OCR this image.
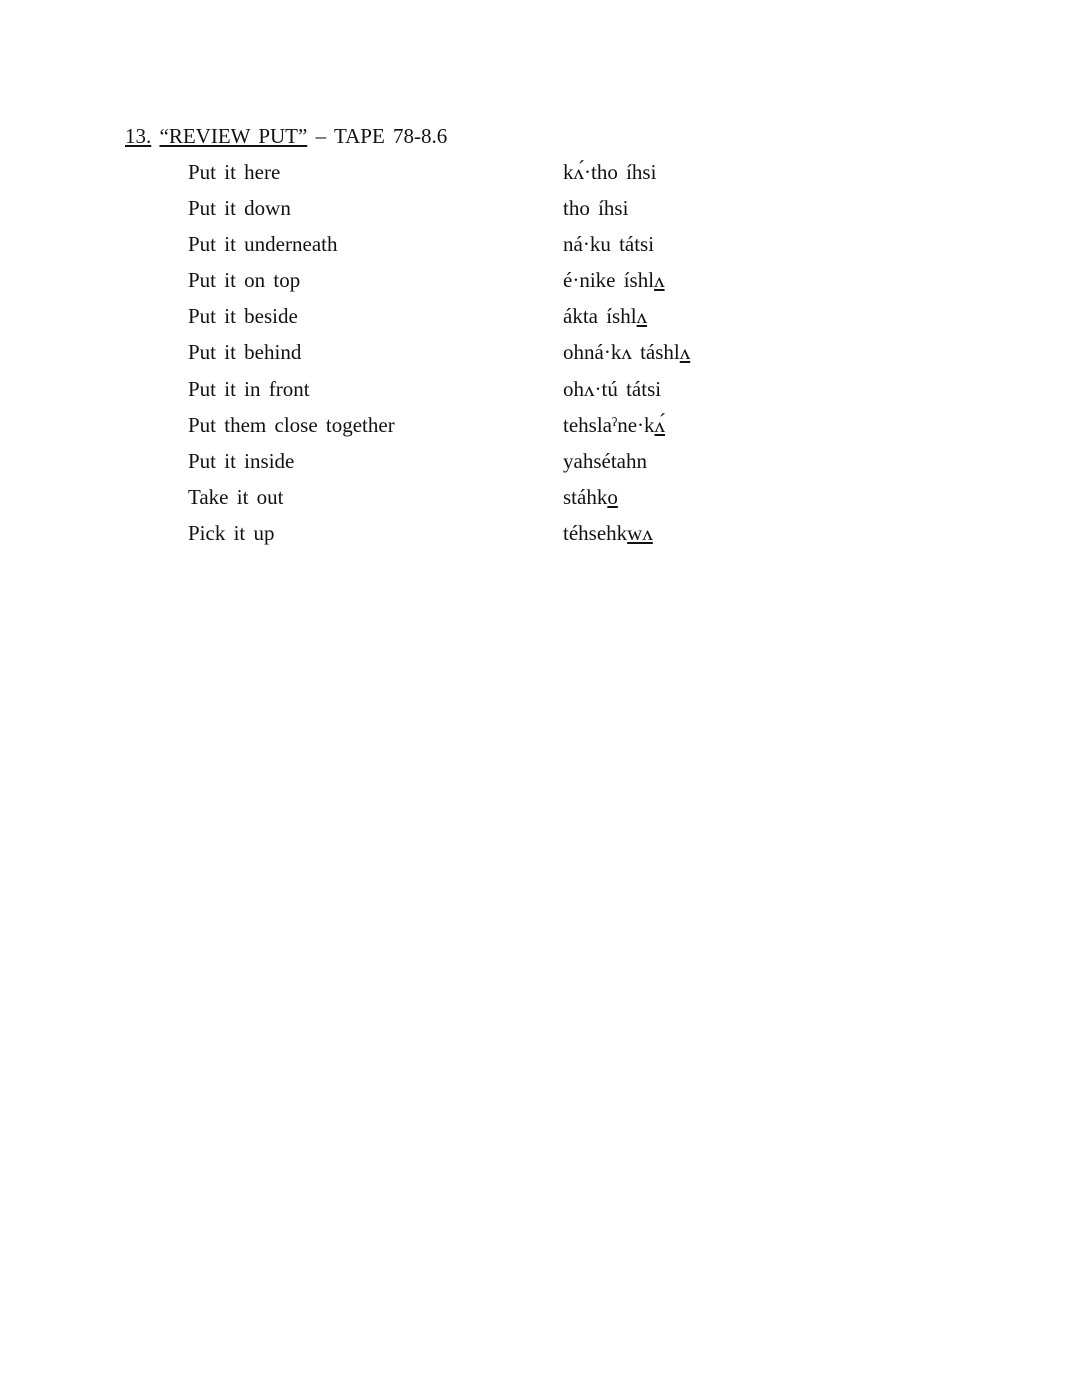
13. “REVIEW PUT” – TAPE 78-8.6
Put it here	kʌ́·tho íhsi
Put it down	tho íhsi
Put it underneath	ná·ku tátsi
Put it on top	é·nike íshlʌ
Put it beside	ákta íshlʌ
Put it behind	ohná·kʌ táshlʌ
Put it in front	ohʌ·tú tátsi
Put them close together	tehslaˀne·kʌ́
Put it inside	yahsétahn
Take it out	stáhko
Pick it up	téhsehkwʌ
